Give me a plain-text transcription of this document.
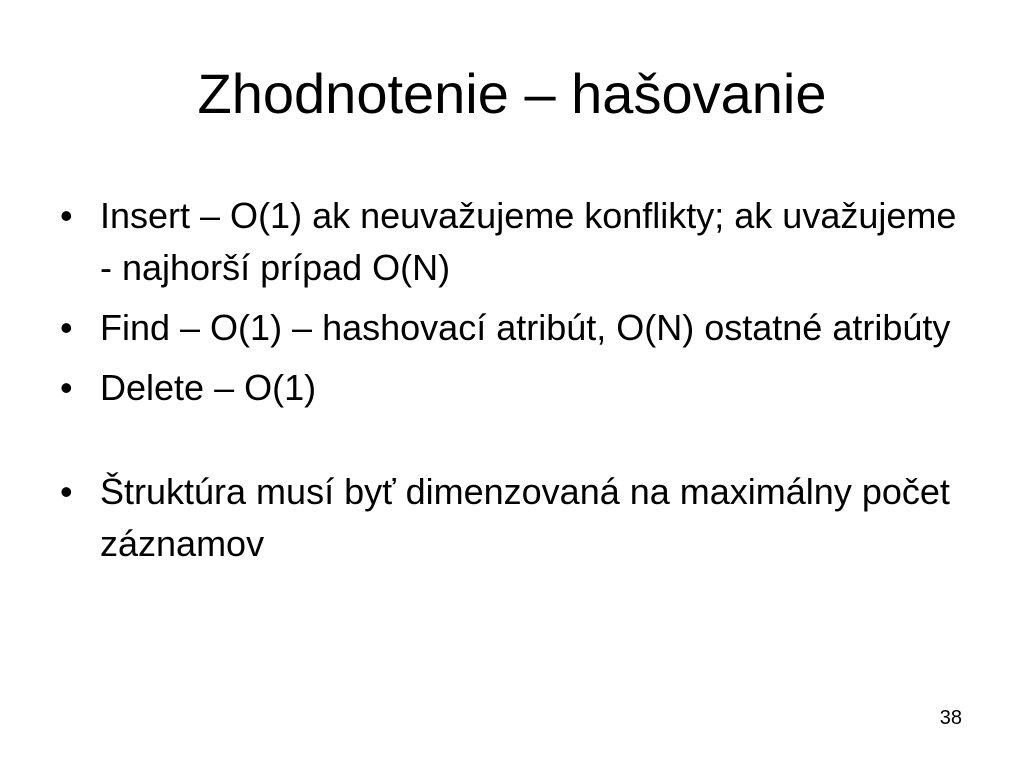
Zhodnotenie – hašovanie
• Insert – O(1) ak neuvažujeme konflikty; ak uvažujeme - najhorší prípad O(N)
• Find – O(1) – hashovací atribút, O(N) ostatné atribúty
• Delete – O(1)
• Štruktúra musí byť dimenzovaná na maximálny počet záznamov
38
